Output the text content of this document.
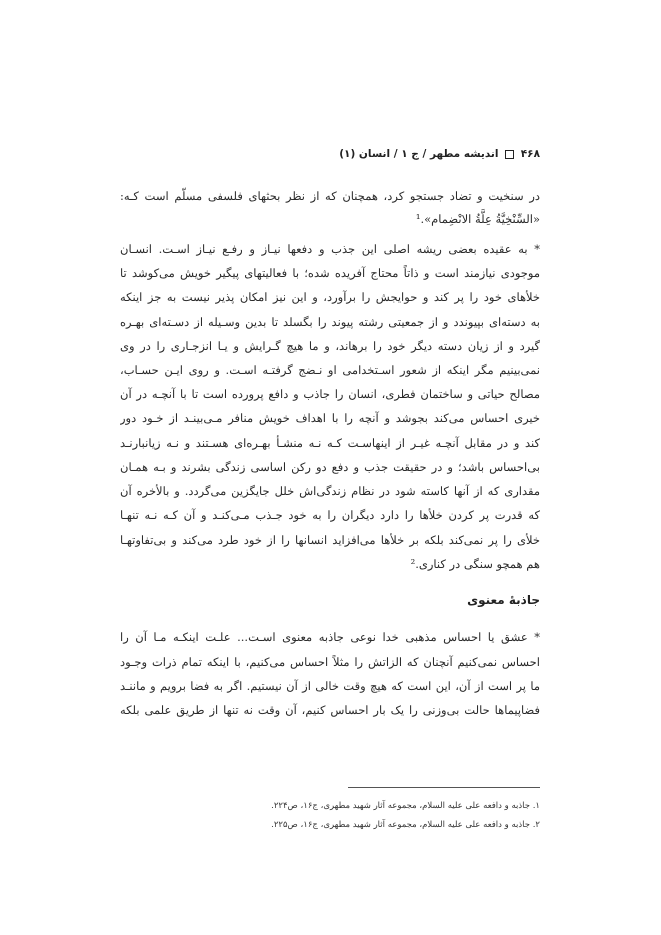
۴۶۸  اندیشه مطهر / ج ۱ / انسان (۱)
در سنخیت و تضاد جستجو کرد، همچنان که از نظر بحثهای فلسفی مسلّم است کـه:
«السِّنْخِيَّةُ عِلَّةُ الانْضِمام».¹
* به عقیده بعضی ریشه اصلی این جذب و دفعها نیـاز و رفـع نیـاز اسـت. انسـان
موجودی نیازمند است و ذاتاً محتاج آفریده شده؛ با فعالیتهای پیگیر خویش می‌کوشد تا
خلأهای خود را پر کند و حوایجش را برآورد، و این نیز امکان پذیر نیست به جز اینکه
به دسته‌ای بپیوندد و از جمعیتی رشته پیوند را بگسلد تا بدین وسـیله از دسـته‌ای بهـره
گیرد و از زیان دسته دیگر خود را برهاند، و ما هیچ گـرایش و یـا انزجـاری را در وی
نمی‌بینیم مگر اینکه از شعور اسـتخدامی او نـضج گرفتـه اسـت. و روی ایـن حسـاب،
مصالح حیاتی و ساختمان فطری، انسان را جاذب و دافع پرورده است تا با آنچـه در آن
خیری احساس می‌کند بجوشد و آنچه را با اهداف خویش منافر مـی‌بینـد از خـود دور
کند و در مقابل آنچـه غیـر از اینهاسـت کـه نـه منشـأ بهـره‌ای هسـتند و نـه زیانبارنـد
بی‌احساس باشد؛ و در حقیقت جذب و دفع دو رکن اساسی زندگی بشرند و بـه همـان
مقداری که از آنها کاسته شود در نظام زندگی‌اش خلل جایگزین می‌گردد. و بالأخره آن
که قدرت پر کردن خلأها را دارد دیگران را به خود جـذب مـی‌کنـد و آن کـه نـه تنهـا
خلأی را پر نمی‌کند بلکه بر خلأها می‌افزاید انسانها را از خود طرد می‌کند و بی‌تفاوتهـا
هم همچو سنگی در کناری.²
جاذبهٔ معنوی
* عشق یا احساس مذهبی خدا نوعی جاذبه معنوی اسـت... علـت اینکـه مـا آن را
احساس نمی‌کنیم آنچنان که الزاتش را مثلاً احساس می‌کنیم، با اینکه تمام ذرات وجـود
ما پر است از آن، این است که هیچ وقت خالی از آن نیستیم. اگر به فضا برویم و ماننـد
فضاپیماها حالت بی‌وزنی را یک بار احساس کنیم، آن وقت نه تنها از طریق علمی بلکه
۱. جاذبه و دافعه علی علیه السلام، مجموعه آثار شهید مطهری، ج۱۶، ص۲۲۴.
۲. جاذبه و دافعه علی علیه السلام، مجموعه آثار شهید مطهری، ج۱۶، ص۲۲۵.
